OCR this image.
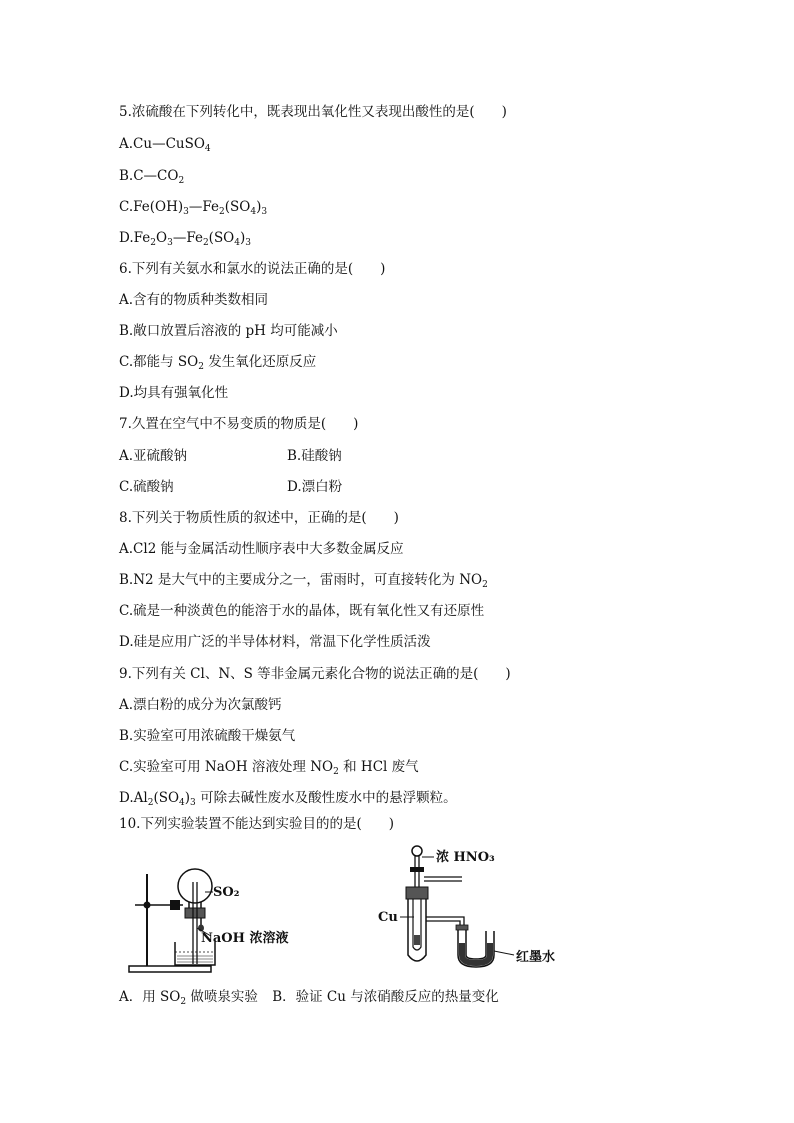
5.浓硫酸在下列转化中，既表现出氧化性又表现出酸性的是(　　)
A.Cu—CuSO$_4$
$B.C—CO_2$
$C.Fe(OH)_3—Fe_2(SO_4)_3$
$D.Fe_2O_3—Fe_2(SO_4)_3$
6.下列有关氨水和氯水的说法正确的是(　　)
A.含有的物质种类数相同
B.敞口放置后溶液的 pH 均可能减小
C.都能与 $SO_2$ 发生氧化还原反应
D.均具有强氧化性
7.久置在空气中不易变质的物质是(　　)
A.亚硫酸钠	B.硅酸钠
C.硫酸钠	D.漂白粉
8.下列关于物质性质的叙述中，正确的是(　　)
A.Cl2 能与金属活动性顺序表中大多数金属反应
B.N2 是大气中的主要成分之一，雷雨时，可直接转化为 $NO_2$
C.硫是一种淡黄色的能溶于水的晶体，既有氧化性又有还原性
D.硅是应用广泛的半导体材料，常温下化学性质活泼
9.下列有关 Cl、N、S 等非金属元素化合物的说法正确的是(　　)
A.漂白粉的成分为次氯酸钙
B.实验室可用浓硫酸干燥氨气
C.实验室可用 NaOH 溶液处理 $NO_2$ 和 HCl 废气
$D.Al_2(SO_4)_3$ 可除去碱性废水及酸性废水中的悬浮颗粒。
10.下列实验装置不能达到实验目的的是(　　)
SO₂
NaOH 浓溶液
浓 HNO₃
Cu
红墨水
A．用 $SO_2$ 做喷泉实验 B．验证 Cu 与浓硝酸反应的热量变化
